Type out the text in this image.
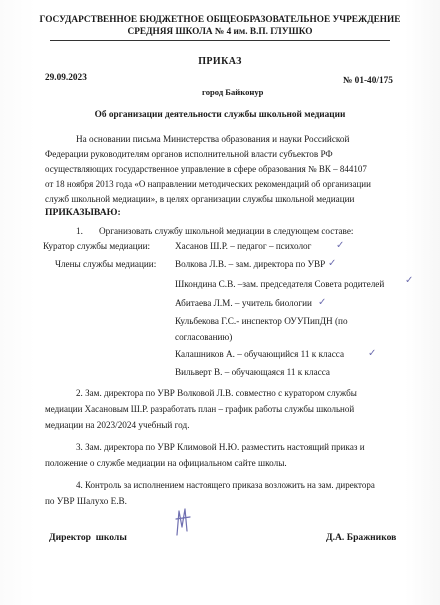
ГОСУДАРСТВЕННОЕ БЮДЖЕТНОЕ ОБЩЕОБРАЗОВАТЕЛЬНОЕ УЧРЕЖДЕНИЕ
СРЕДНЯЯ ШКОЛА № 4 им. В.П. ГЛУШКО
ПРИКАЗ
29.09.2023	№ 01-40/175
город Байконур
Об организации деятельности службы школьной медиации
На основании письма Министерства образования и науки Российской
Федерации руководителям органов исполнительной власти субъектов РФ
осуществляющих государственное управление в сфере образования № ВК – 844107
от 18 ноября 2013 года «О направлении методических рекомендаций об организации
служб школьной медиации», в целях организации службы школьной медиации
ПРИКАЗЫВАЮ:
1.       Организовать службу школьной медиации в следующем составе:
Куратор службы медиации:	Хасанов Ш.Р. – педагог – психолог ✓
Члены службы медиации: Волкова Л.В. – зам. директора по УВР ✓
Шкондина С.В. –зам. председателя Совета родителей ✓
Абитаева Л.М. – учитель биологии ✓
Кульбекова Г.С.- инспектор ОУУПипДН (по
согласованию)
Калашников А. – обучающийся 11 к класса ✓
Вильверт В. – обучающаяся 11 к класса
2. Зам. директора по УВР Волковой Л.В. совместно с куратором службы
медиации Хасановым Ш.Р. разработать план – график работы службы школьной
медиации на 2023/2024 учебный год.
3. Зам. директора по УВР Климовой Н.Ю. разместить настоящий приказ и
положение о службе медиации на официальном сайте школы.
4. Контроль за исполнением настоящего приказа возложить на зам. директора
по УВР Шалухо Е.В.
Директор  школы	Д.А. Бражников
